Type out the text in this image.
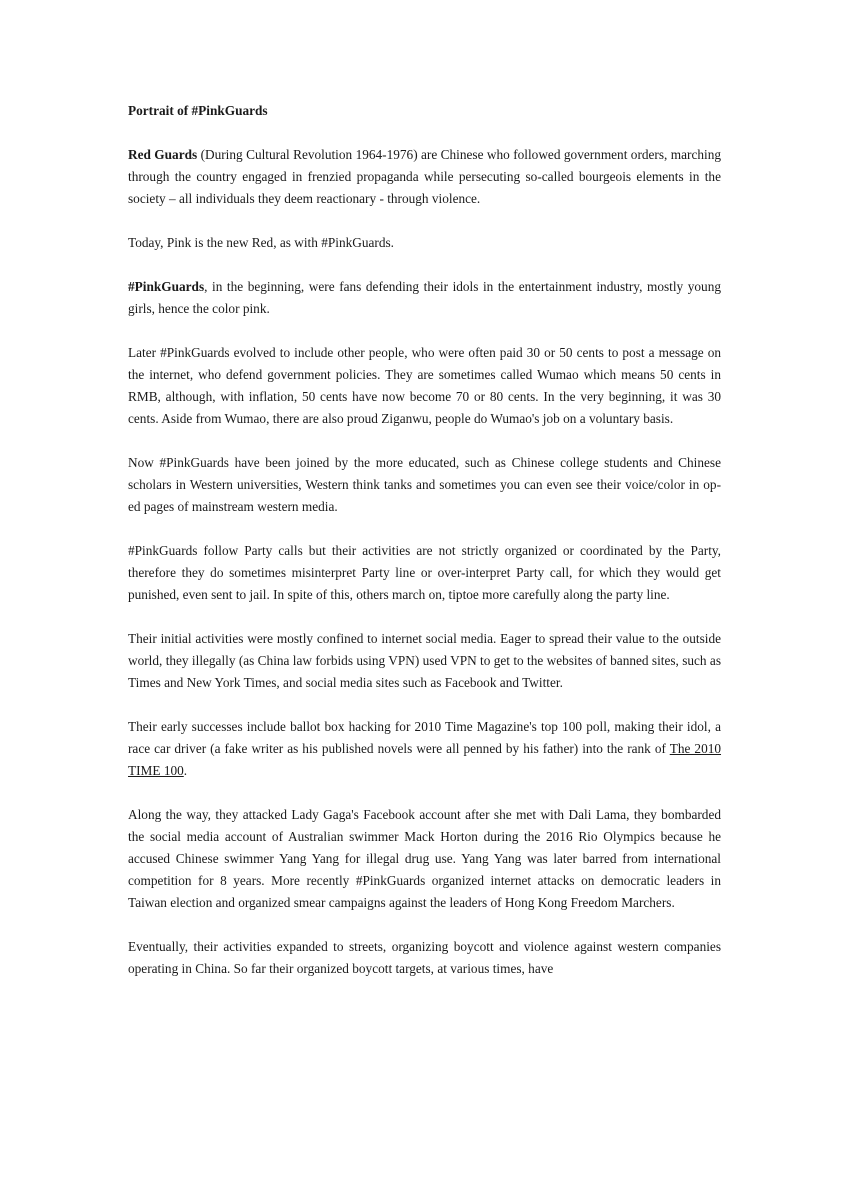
Portrait of #PinkGuards
Red Guards (During Cultural Revolution 1964-1976) are Chinese who followed government orders, marching through the country engaged in frenzied propaganda while persecuting so-called bourgeois elements in the society – all individuals they deem reactionary - through violence.
Today, Pink is the new Red, as with #PinkGuards.
#PinkGuards, in the beginning, were fans defending their idols in the entertainment industry, mostly young girls, hence the color pink.
Later #PinkGuards evolved to include other people, who were often paid 30 or 50 cents to post a message on the internet, who defend government policies. They are sometimes called Wumao which means 50 cents in RMB, although, with inflation, 50 cents have now become 70 or 80 cents. In the very beginning, it was 30 cents. Aside from Wumao, there are also proud Ziganwu, people do Wumao's job on a voluntary basis.
Now #PinkGuards have been joined by the more educated, such as Chinese college students and Chinese scholars in Western universities, Western think tanks and sometimes you can even see their voice/color in op-ed pages of mainstream western media.
#PinkGuards follow Party calls but their activities are not strictly organized or coordinated by the Party, therefore they do sometimes misinterpret Party line or over-interpret Party call, for which they would get punished, even sent to jail. In spite of this, others march on, tiptoe more carefully along the party line.
Their initial activities were mostly confined to internet social media. Eager to spread their value to the outside world, they illegally (as China law forbids using VPN) used VPN to get to the websites of banned sites, such as Times and New York Times, and social media sites such as Facebook and Twitter.
Their early successes include ballot box hacking for 2010 Time Magazine's top 100 poll, making their idol, a race car driver (a fake writer as his published novels were all penned by his father) into the rank of The 2010 TIME 100.
Along the way, they attacked Lady Gaga's Facebook account after she met with Dali Lama, they bombarded the social media account of Australian swimmer Mack Horton during the 2016 Rio Olympics because he accused Chinese swimmer Yang Yang for illegal drug use. Yang Yang was later barred from international competition for 8 years. More recently #PinkGuards organized internet attacks on democratic leaders in Taiwan election and organized smear campaigns against the leaders of Hong Kong Freedom Marchers.
Eventually, their activities expanded to streets, organizing boycott and violence against western companies operating in China. So far their organized boycott targets, at various times, have
